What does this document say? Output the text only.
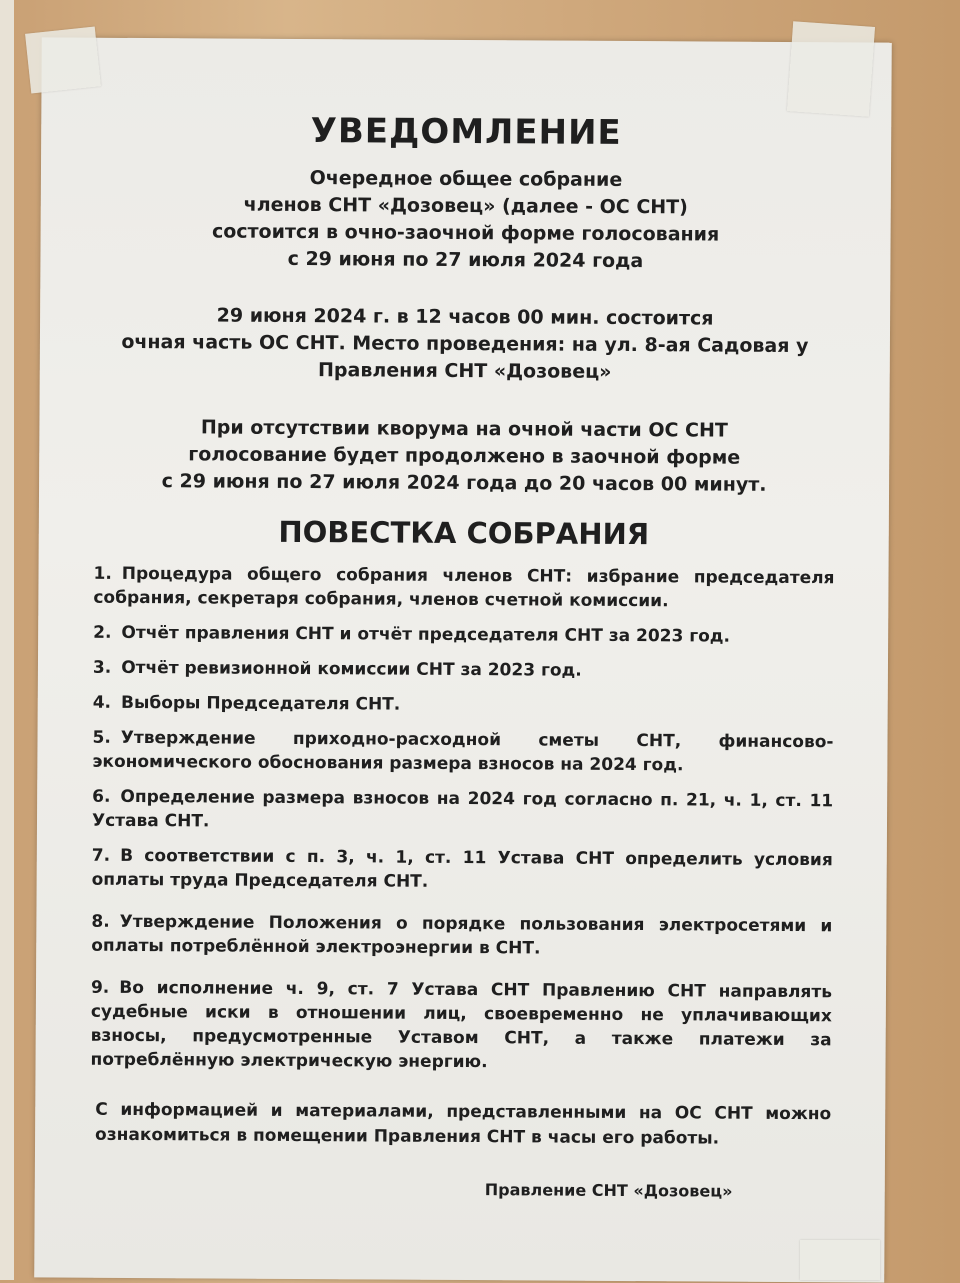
УВЕДОМЛЕНИЕ
Очередное общее собрание
членов СНТ «Дозовец» (далее - ОС СНТ)
состоится в очно-заочной форме голосования
с 29 июня по 27 июля 2024 года
29 июня 2024 г. в 12 часов 00 мин. состоится
очная часть ОС СНТ. Место проведения: на ул. 8-ая Садовая у
Правления СНТ «Дозовец»
При отсутствии кворума на очной части ОС СНТ
голосование будет продолжено в заочной форме
с 29 июня по 27 июля 2024 года до 20 часов 00 минут.
ПОВЕСТКА СОБРАНИЯ
1. Процедура общего собрания членов СНТ: избрание председателя собрания, секретаря собрания, членов счетной комиссии.
2. Отчёт правления СНТ и отчёт председателя СНТ за 2023 год.
3. Отчёт ревизионной комиссии СНТ за 2023 год.
4. Выборы Председателя СНТ.
5. Утверждение приходно-расходной сметы СНТ, финансово-экономического обоснования размера взносов на 2024 год.
6. Определение размера взносов на 2024 год согласно п. 21, ч. 1, ст. 11 Устава СНТ.
7. В соответствии с п. 3, ч. 1, ст. 11 Устава СНТ определить условия оплаты труда Председателя СНТ.
8. Утверждение Положения о порядке пользования электросетями и оплаты потреблённой электроэнергии в СНТ.
9. Во исполнение ч. 9, ст. 7 Устава СНТ Правлению СНТ направлять судебные иски в отношении лиц, своевременно не уплачивающих взносы, предусмотренные Уставом СНТ, а также платежи за потреблённую электрическую энергию.
С информацией и материалами, представленными на ОС СНТ можно ознакомиться в помещении Правления СНТ в часы его работы.
Правление СНТ «Дозовец»
